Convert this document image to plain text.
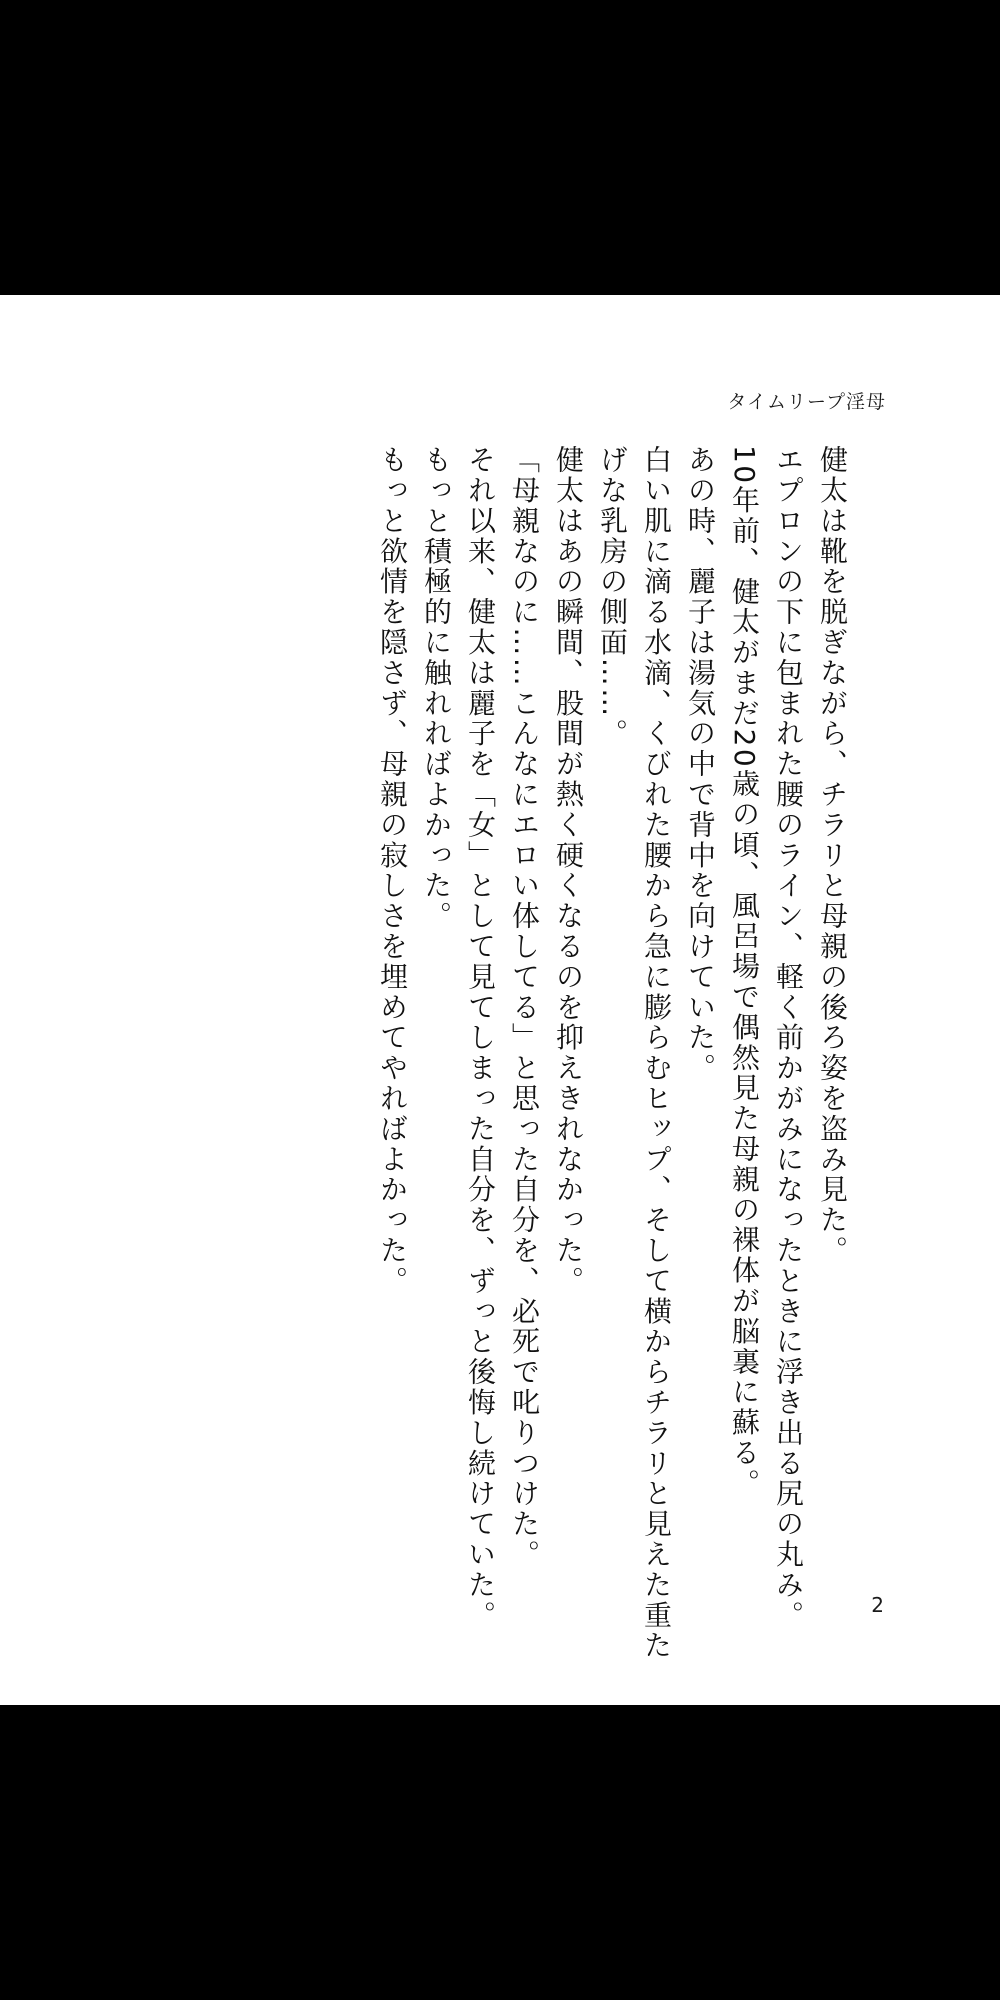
タイムリープ淫母

健太は靴を脱ぎながら、チラリと母親の後ろ姿を盗み見た。

エプロンの下に包まれた腰のライン、軽く前かがみになったときに浮き出る尻の丸み。

10年前、健太がまだ20歳の頃、風呂場で偶然見た母親の裸体が脳裏に蘇る。

あの時、麗子は湯気の中で背中を向けていた。

白い肌に滴る水滴、くびれた腰から急に膨らむヒップ、そして横からチラリと見えた重た

げな乳房の側面……。

健太はあの瞬間、股間が熱く硬くなるのを抑えきれなかった。

「母親なのに……こんなにエロい体してる」と思った自分を、必死で叱りつけた。

それ以来、健太は麗子を「女」として見てしまった自分を、ずっと後悔し続けていた。

もっと積極的に触れればよかった。

もっと欲情を隠さず、母親の寂しさを埋めてやればよかった。

2
